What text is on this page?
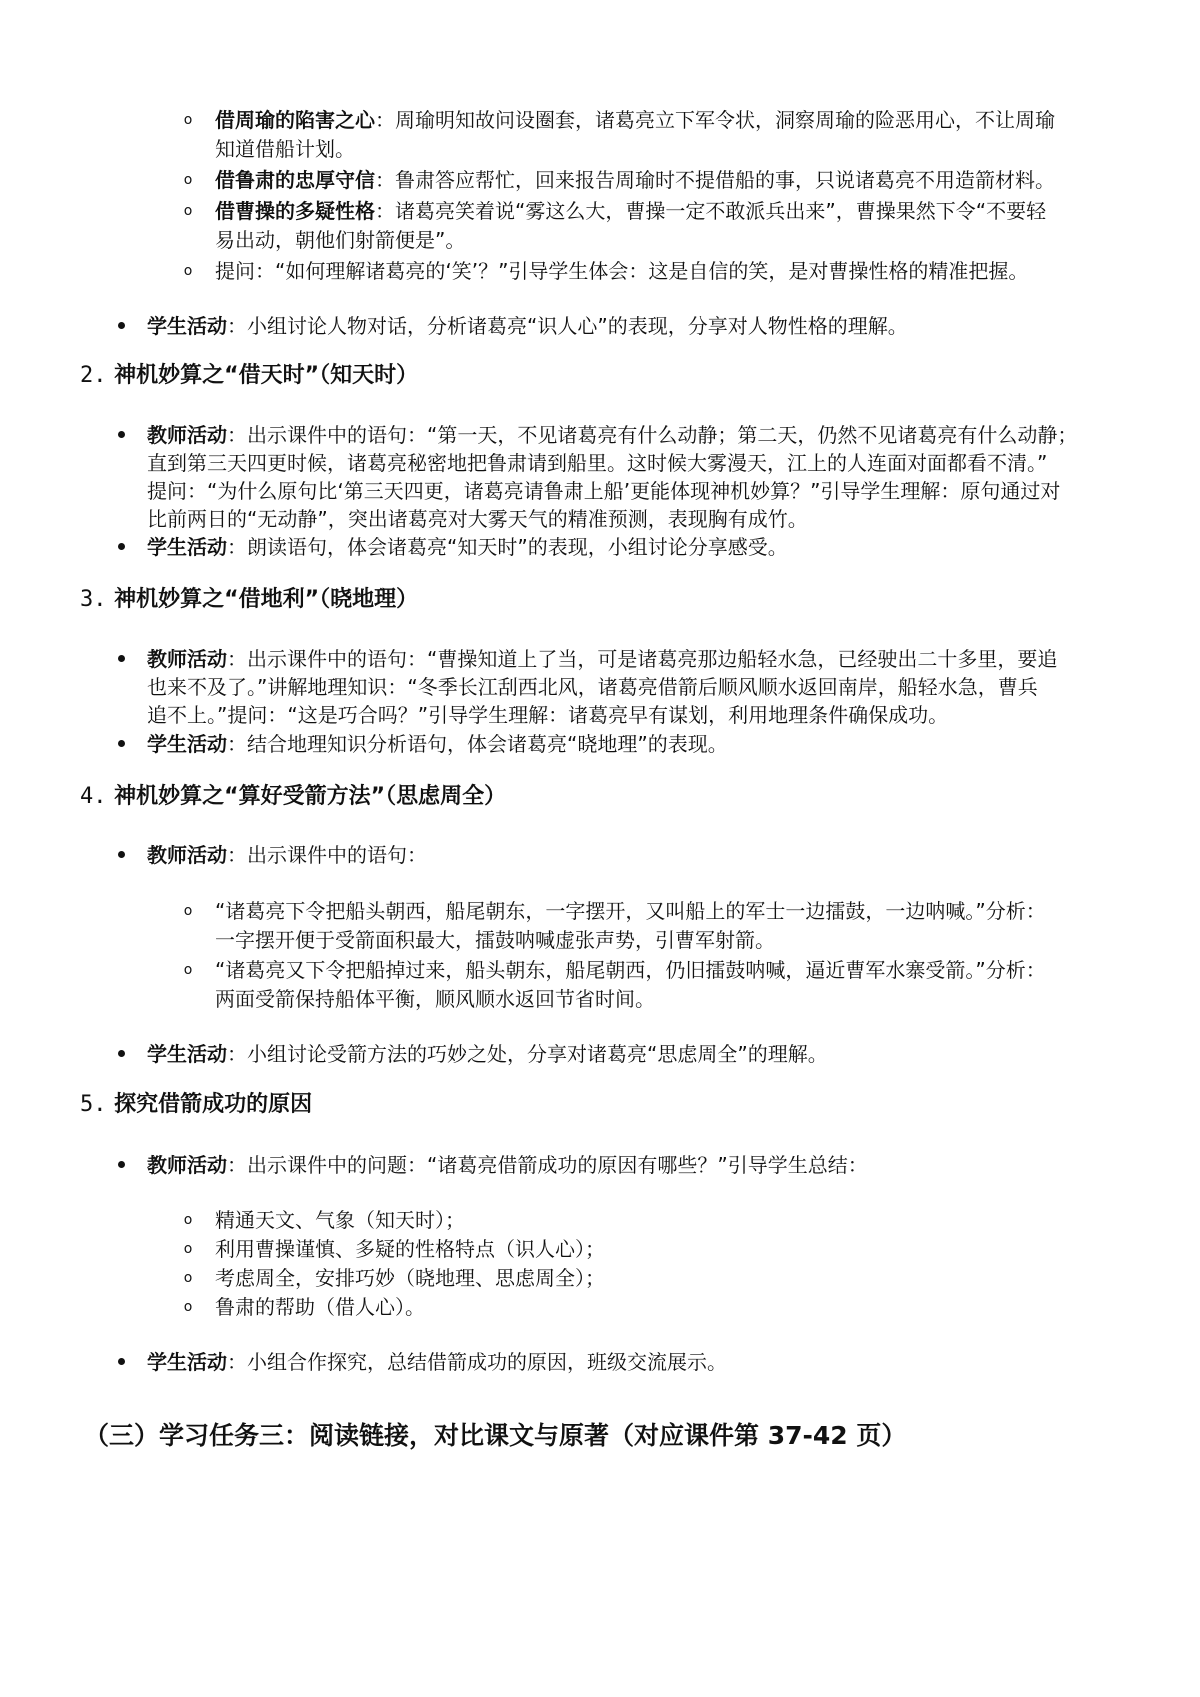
o 借周瑜的陷害之心：周瑜明知故问设圈套，诸葛亮立下军令状，洞察周瑜的险恶用心，不让周瑜
知道借船计划。
o 借鲁肃的忠厚守信：鲁肃答应帮忙，回来报告周瑜时不提借船的事，只说诸葛亮不用造箭材料。
o 借曹操的多疑性格：诸葛亮笑着说“雾这么大，曹操一定不敢派兵出来”，曹操果然下令“不要轻
易出动，朝他们射箭便是”。
o 提问：“如何理解诸葛亮的‘笑’？”引导学生体会：这是自信的笑，是对曹操性格的精准把握。
学生活动：小组讨论人物对话，分析诸葛亮“识人心”的表现，分享对人物性格的理解。
2. 神机妙算之“借天时”（知天时）
教师活动：出示课件中的语句：“第一天，不见诸葛亮有什么动静；第二天，仍然不见诸葛亮有什么动静；
直到第三天四更时候，诸葛亮秘密地把鲁肃请到船里。这时候大雾漫天，江上的人连面对面都看不清。”
提问：“为什么原句比‘第三天四更，诸葛亮请鲁肃上船’更能体现神机妙算？”引导学生理解：原句通过对
比前两日的“无动静”，突出诸葛亮对大雾天气的精准预测，表现胸有成竹。
学生活动：朗读语句，体会诸葛亮“知天时”的表现，小组讨论分享感受。
3. 神机妙算之“借地利”（晓地理）
教师活动：出示课件中的语句：“曹操知道上了当，可是诸葛亮那边船轻水急，已经驶出二十多里，要追
也来不及了。”讲解地理知识：“冬季长江刮西北风，诸葛亮借箭后顺风顺水返回南岸，船轻水急，曹兵
追不上。”提问：“这是巧合吗？”引导学生理解：诸葛亮早有谋划，利用地理条件确保成功。
学生活动：结合地理知识分析语句，体会诸葛亮“晓地理”的表现。
4. 神机妙算之“算好受箭方法”（思虑周全）
教师活动：出示课件中的语句：
o “诸葛亮下令把船头朝西，船尾朝东，一字摆开，又叫船上的军士一边擂鼓，一边呐喊。”分析：
一字摆开便于受箭面积最大，擂鼓呐喊虚张声势，引曹军射箭。
o “诸葛亮又下令把船掉过来，船头朝东，船尾朝西，仍旧擂鼓呐喊，逼近曹军水寨受箭。”分析：
两面受箭保持船体平衡，顺风顺水返回节省时间。
学生活动：小组讨论受箭方法的巧妙之处，分享对诸葛亮“思虑周全”的理解。
5. 探究借箭成功的原因
教师活动：出示课件中的问题：“诸葛亮借箭成功的原因有哪些？”引导学生总结：
o 精通天文、气象（知天时）；
o 利用曹操谨慎、多疑的性格特点（识人心）；
o 考虑周全，安排巧妙（晓地理、思虑周全）；
o 鲁肃的帮助（借人心）。
学生活动：小组合作探究，总结借箭成功的原因，班级交流展示。
（三）学习任务三：阅读链接，对比课文与原著（对应课件第 37-42 页）
